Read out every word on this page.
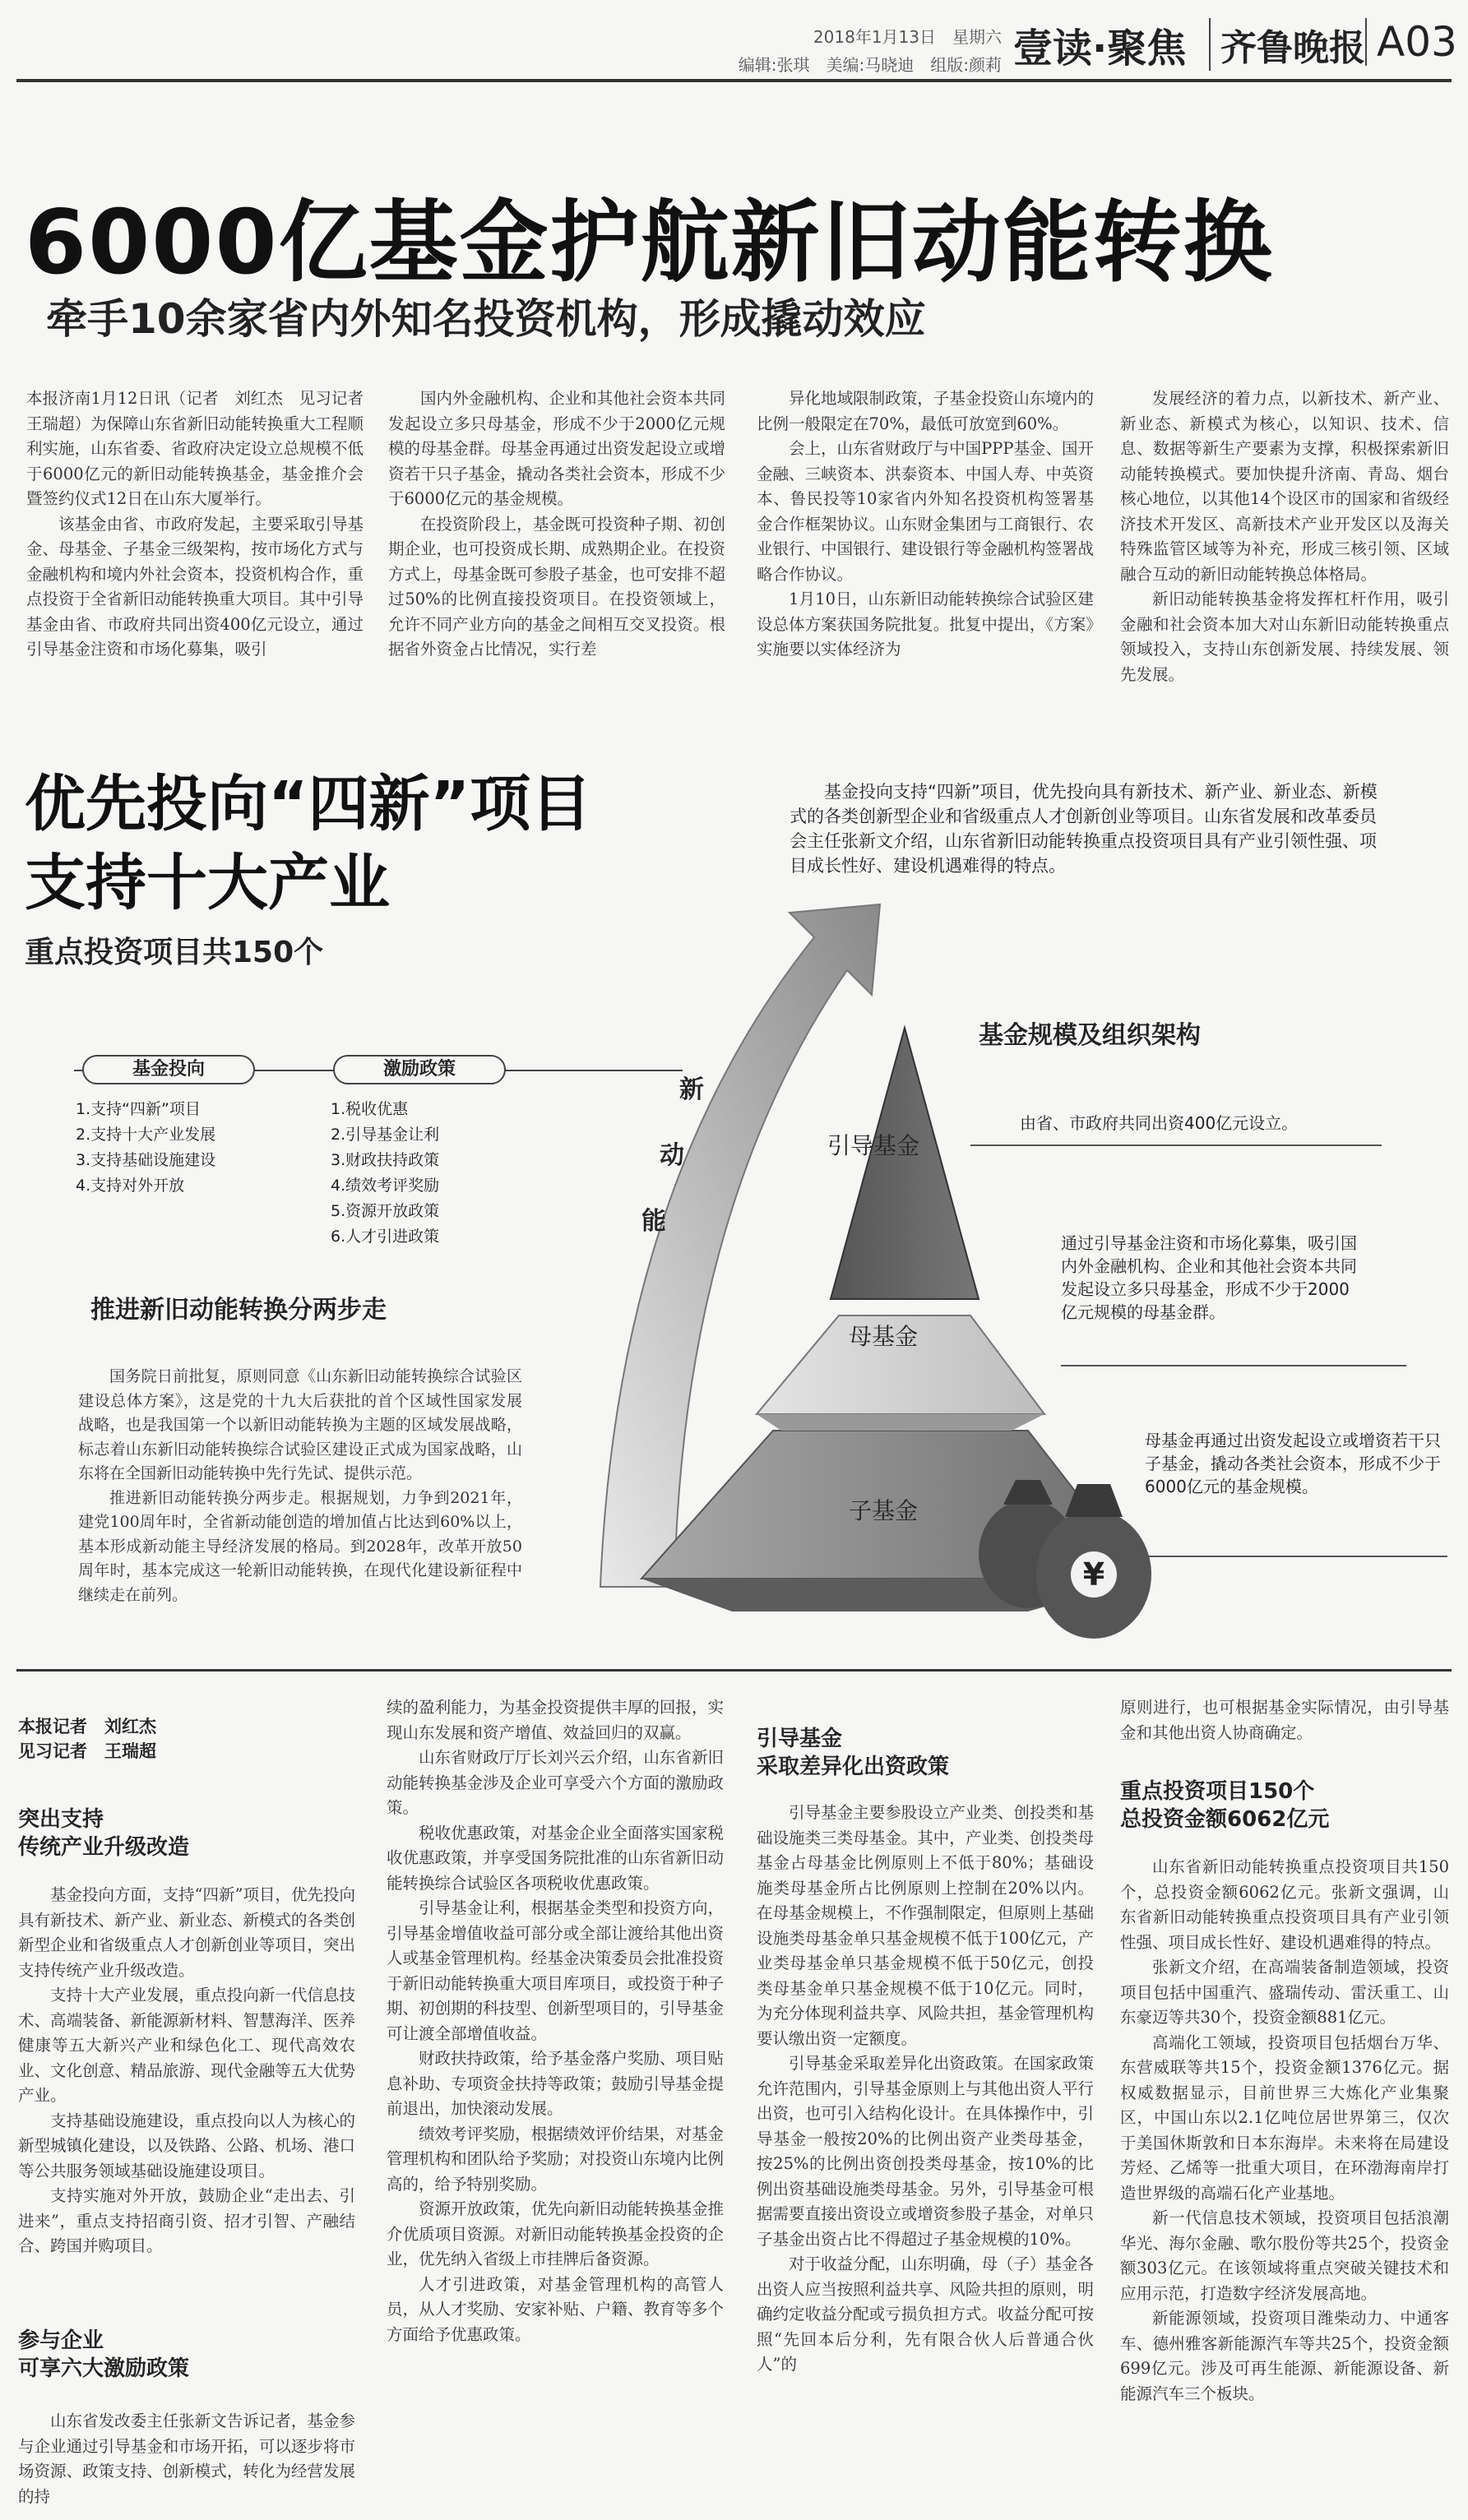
2018年1月13日　星期六
编辑:张琪　美编:马晓迪　组版:颜莉 壹读·聚焦 齐鲁晚报 A03
6000亿基金护航新旧动能转换
牵手10余家省内外知名投资机构，形成撬动效应

本报济南1月12日讯（记者　刘红杰　见习记者　王瑞超）为保障山东省新旧动能转换重大工程顺利实施，山东省委、省政府决定设立总规模不低于6000亿元的新旧动能转换基金，基金推介会暨签约仪式12日在山东大厦举行。

该基金由省、市政府发起，主要采取引导基金、母基金、子基金三级架构，按市场化方式与金融机构和境内外社会资本，投资机构合作，重点投资于全省新旧动能转换重大项目。其中引导基金由省、市政府共同出资400亿元设立，通过引导基金注资和市场化募集，吸引

国内外金融机构、企业和其他社会资本共同发起设立多只母基金，形成不少于2000亿元规模的母基金群。母基金再通过出资发起设立或增资若干只子基金，撬动各类社会资本，形成不少于6000亿元的基金规模。

在投资阶段上，基金既可投资种子期、初创期企业，也可投资成长期、成熟期企业。在投资方式上，母基金既可参股子基金，也可安排不超过50%的比例直接投资项目。在投资领域上，允许不同产业方向的基金之间相互交叉投资。根据省外资金占比情况，实行差

异化地域限制政策，子基金投资山东境内的比例一般限定在70%，最低可放宽到60%。

会上，山东省财政厅与中国PPP基金、国开金融、三峡资本、洪泰资本、中国人寿、中英资本、鲁民投等10家省内外知名投资机构签署基金合作框架协议。山东财金集团与工商银行、农业银行、中国银行、建设银行等金融机构签署战略合作协议。

1月10日，山东新旧动能转换综合试验区建设总体方案获国务院批复。批复中提出，《方案》实施要以实体经济为

发展经济的着力点，以新技术、新产业、新业态、新模式为核心，以知识、技术、信息、数据等新生产要素为支撑，积极探索新旧动能转换模式。要加快提升济南、青岛、烟台核心地位，以其他14个设区市的国家和省级经济技术开发区、高新技术产业开发区以及海关特殊监管区域等为补充，形成三核引领、区域融合互动的新旧动能转换总体格局。

新旧动能转换基金将发挥杠杆作用，吸引金融和社会资本加大对山东新旧动能转换重点领域投入，支持山东创新发展、持续发展、领先发展。

优先投向“四新”项目
支持十大产业
重点投资项目共150个
基金投向	激励政策
1.支持“四新”项目
2.支持十大产业发展
3.支持基础设施建设
4.支持对外开放
1.税收优惠
2.引导基金让利
3.财政扶持政策
4.绩效考评奖励
5.资源开放政策
6.人才引进政策
推进新旧动能转换分两步走

国务院日前批复，原则同意《山东新旧动能转换综合试验区建设总体方案》，这是党的十九大后获批的首个区域性国家发展战略，也是我国第一个以新旧动能转换为主题的区域发展战略，标志着山东新旧动能转换综合试验区建设正式成为国家战略，山东将在全国新旧动能转换中先行先试、提供示范。

推进新旧动能转换分两步走。根据规划，力争到2021年，建党100周年时，全省新动能创造的增加值占比达到60%以上，基本形成新动能主导经济发展的格局。到2028年，改革开放50周年时，基本完成这一轮新旧动能转换，在现代化建设新征程中继续走在前列。

基金投向支持“四新”项目，优先投向具有新技术、新产业、新业态、新模式的各类创新型企业和省级重点人才创新创业等项目。山东省发展和改革委员会主任张新文介绍，山东省新旧动能转换重点投资项目具有产业引领性强、项目成长性好、建设机遇难得的特点。
¥
新
动
能
基金规模及组织架构
引导基金
母基金
子基金
由省、市政府共同出资400亿元设立。
通过引导基金注资和市场化募集，吸引国内外金融机构、企业和其他社会资本共同发起设立多只母基金，形成不少于2000亿元规模的母基金群。
母基金再通过出资发起设立或增资若干只子基金，撬动各类社会资本，形成不少于6000亿元的基金规模。
本报记者　刘红杰
见习记者　王瑞超
突出支持
传统产业升级改造

基金投向方面，支持“四新”项目，优先投向具有新技术、新产业、新业态、新模式的各类创新型企业和省级重点人才创新创业等项目，突出支持传统产业升级改造。

支持十大产业发展，重点投向新一代信息技术、高端装备、新能源新材料、智慧海洋、医养健康等五大新兴产业和绿色化工、现代高效农业、文化创意、精品旅游、现代金融等五大优势产业。

支持基础设施建设，重点投向以人为核心的新型城镇化建设，以及铁路、公路、机场、港口等公共服务领域基础设施建设项目。

支持实施对外开放，鼓励企业“走出去、引进来”，重点支持招商引资、招才引智、产融结合、跨国并购项目。

参与企业
可享六大激励政策

山东省发改委主任张新文告诉记者，基金参与企业通过引导基金和市场开拓，可以逐步将市场资源、政策支持、创新模式，转化为经营发展的持

续的盈利能力，为基金投资提供丰厚的回报，实现山东发展和资产增值、效益回归的双赢。

山东省财政厅厅长刘兴云介绍，山东省新旧动能转换基金涉及企业可享受六个方面的激励政策。

税收优惠政策，对基金企业全面落实国家税收优惠政策，并享受国务院批准的山东省新旧动能转换综合试验区各项税收优惠政策。

引导基金让利，根据基金类型和投资方向，引导基金增值收益可部分或全部让渡给其他出资人或基金管理机构。经基金决策委员会批准投资于新旧动能转换重大项目库项目，或投资于种子期、初创期的科技型、创新型项目的，引导基金可让渡全部增值收益。

财政扶持政策，给予基金落户奖励、项目贴息补助、专项资金扶持等政策；鼓励引导基金提前退出，加快滚动发展。

绩效考评奖励，根据绩效评价结果，对基金管理机构和团队给予奖励；对投资山东境内比例高的，给予特别奖励。

资源开放政策，优先向新旧动能转换基金推介优质项目资源。对新旧动能转换基金投资的企业，优先纳入省级上市挂牌后备资源。

人才引进政策，对基金管理机构的高管人员，从人才奖励、安家补贴、户籍、教育等多个方面给予优惠政策。

引导基金
采取差异化出资政策

引导基金主要参股设立产业类、创投类和基础设施类三类母基金。其中，产业类、创投类母基金占母基金比例原则上不低于80%；基础设施类母基金所占比例原则上控制在20%以内。在母基金规模上，不作强制限定，但原则上基础设施类母基金单只基金规模不低于100亿元，产业类母基金单只基金规模不低于50亿元，创投类母基金单只基金规模不低于10亿元。同时，为充分体现利益共享、风险共担，基金管理机构要认缴出资一定额度。

引导基金采取差异化出资政策。在国家政策允许范围内，引导基金原则上与其他出资人平行出资，也可引入结构化设计。在具体操作中，引导基金一般按20%的比例出资产业类母基金，按25%的比例出资创投类母基金，按10%的比例出资基础设施类母基金。另外，引导基金可根据需要直接出资设立或增资参股子基金，对单只子基金出资占比不得超过子基金规模的10%。

对于收益分配，山东明确，母（子）基金各出资人应当按照利益共享、风险共担的原则，明确约定收益分配或亏损负担方式。收益分配可按照“先回本后分利，先有限合伙人后普通合伙人”的

原则进行，也可根据基金实际情况，由引导基金和其他出资人协商确定。

重点投资项目150个
总投资金额6062亿元

山东省新旧动能转换重点投资项目共150个，总投资金额6062亿元。张新文强调，山东省新旧动能转换重点投资项目具有产业引领性强、项目成长性好、建设机遇难得的特点。

张新文介绍，在高端装备制造领域，投资项目包括中国重汽、盛瑞传动、雷沃重工、山东豪迈等共30个，投资金额881亿元。

高端化工领域，投资项目包括烟台万华、东营威联等共15个，投资金额1376亿元。据权威数据显示，目前世界三大炼化产业集聚区，中国山东以2.1亿吨位居世界第三，仅次于美国休斯敦和日本东海岸。未来将在局建设芳烃、乙烯等一批重大项目，在环渤海南岸打造世界级的高端石化产业基地。

新一代信息技术领域，投资项目包括浪潮华光、海尔金融、歌尔股份等共25个，投资金额303亿元。在该领域将重点突破关键技术和应用示范，打造数字经济发展高地。

新能源领域，投资项目潍柴动力、中通客车、德州雅客新能源汽车等共25个，投资金额699亿元。涉及可再生能源、新能源设备、新能源汽车三个板块。
